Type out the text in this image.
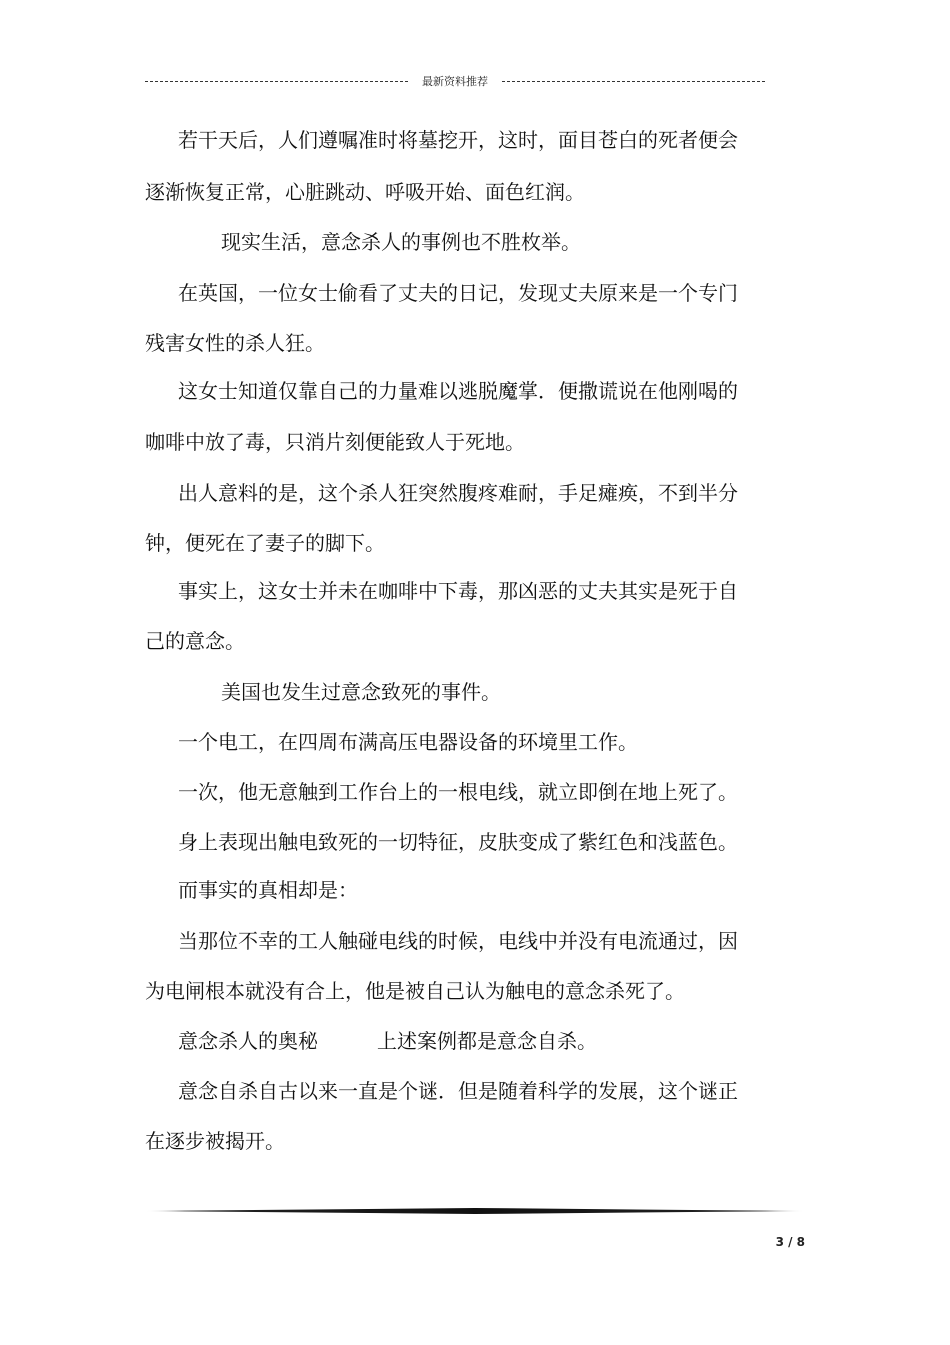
最新资料推荐
若干天后，人们遵嘱准时将墓挖开，这时，面目苍白的死者便会
逐渐恢复正常，心脏跳动、呼吸开始、面色红润。
现实生活，意念杀人的事例也不胜枚举。
在英国，一位女士偷看了丈夫的日记，发现丈夫原来是一个专门
残害女性的杀人狂。
这女士知道仅靠自己的力量难以逃脱魔掌．便撒谎说在他刚喝的
咖啡中放了毒，只消片刻便能致人于死地。
出人意料的是，这个杀人狂突然腹疼难耐，手足瘫痪，不到半分
钟，便死在了妻子的脚下。
事实上，这女士并未在咖啡中下毒，那凶恶的丈夫其实是死于自
己的意念。
美国也发生过意念致死的事件。
一个电工，在四周布满高压电器设备的环境里工作。
一次，他无意触到工作台上的一根电线，就立即倒在地上死了。
身上表现出触电致死的一切特征，皮肤变成了紫红色和浅蓝色。
而事实的真相却是：
当那位不幸的工人触碰电线的时候，电线中并没有电流通过，因
为电闸根本就没有合上，他是被自己认为触电的意念杀死了。
意念杀人的奥秘	上述案例都是意念自杀。
意念自杀自古以来一直是个谜．但是随着科学的发展，这个谜正
在逐步被揭开。
3 / 8
